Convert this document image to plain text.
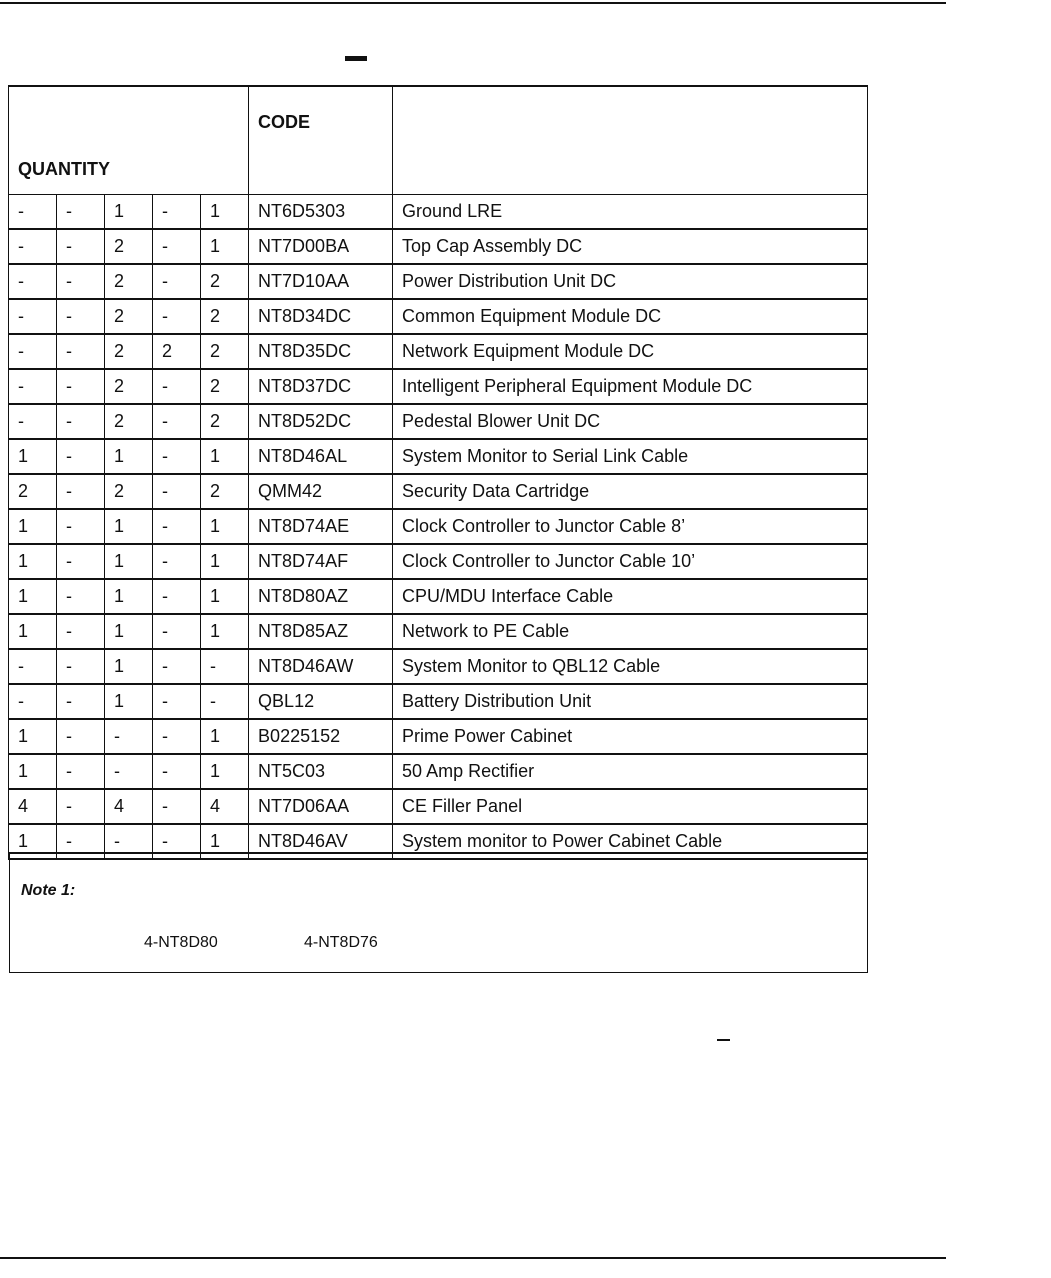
QUANTITY					CODE	
-	-	1	-	1	NT6D5303	Ground LRE
-	-	2	-	1	NT7D00BA	Top Cap Assembly DC
-	-	2	-	2	NT7D10AA	Power Distribution Unit DC
-	-	2	-	2	NT8D34DC	Common Equipment Module DC
-	-	2	2	2	NT8D35DC	Network Equipment Module DC
-	-	2	-	2	NT8D37DC	Intelligent Peripheral Equipment Module DC
-	-	2	-	2	NT8D52DC	Pedestal Blower Unit DC
1	-	1	-	1	NT8D46AL	System Monitor to Serial Link Cable
2	-	2	-	2	QMM42	Security Data Cartridge
1	-	1	-	1	NT8D74AE	Clock Controller to Junctor Cable 8’
1	-	1	-	1	NT8D74AF	Clock Controller to Junctor Cable 10’
1	-	1	-	1	NT8D80AZ	CPU/MDU Interface Cable
1	-	1	-	1	NT8D85AZ	Network to PE Cable
-	-	1	-	-	NT8D46AW	System Monitor to QBL12 Cable
-	-	1	-	-	QBL12	Battery Distribution Unit
1	-	-	-	1	B0225152	Prime Power Cabinet
1	-	-	-	1	NT5C03	50 Amp Rectifier
4	-	4	-	4	NT7D06AA	CE Filler Panel
1	-	-	-	1	NT8D46AV	System monitor to Power Cabinet Cable
Note 1:
4-NT8D80	4-NT8D76
